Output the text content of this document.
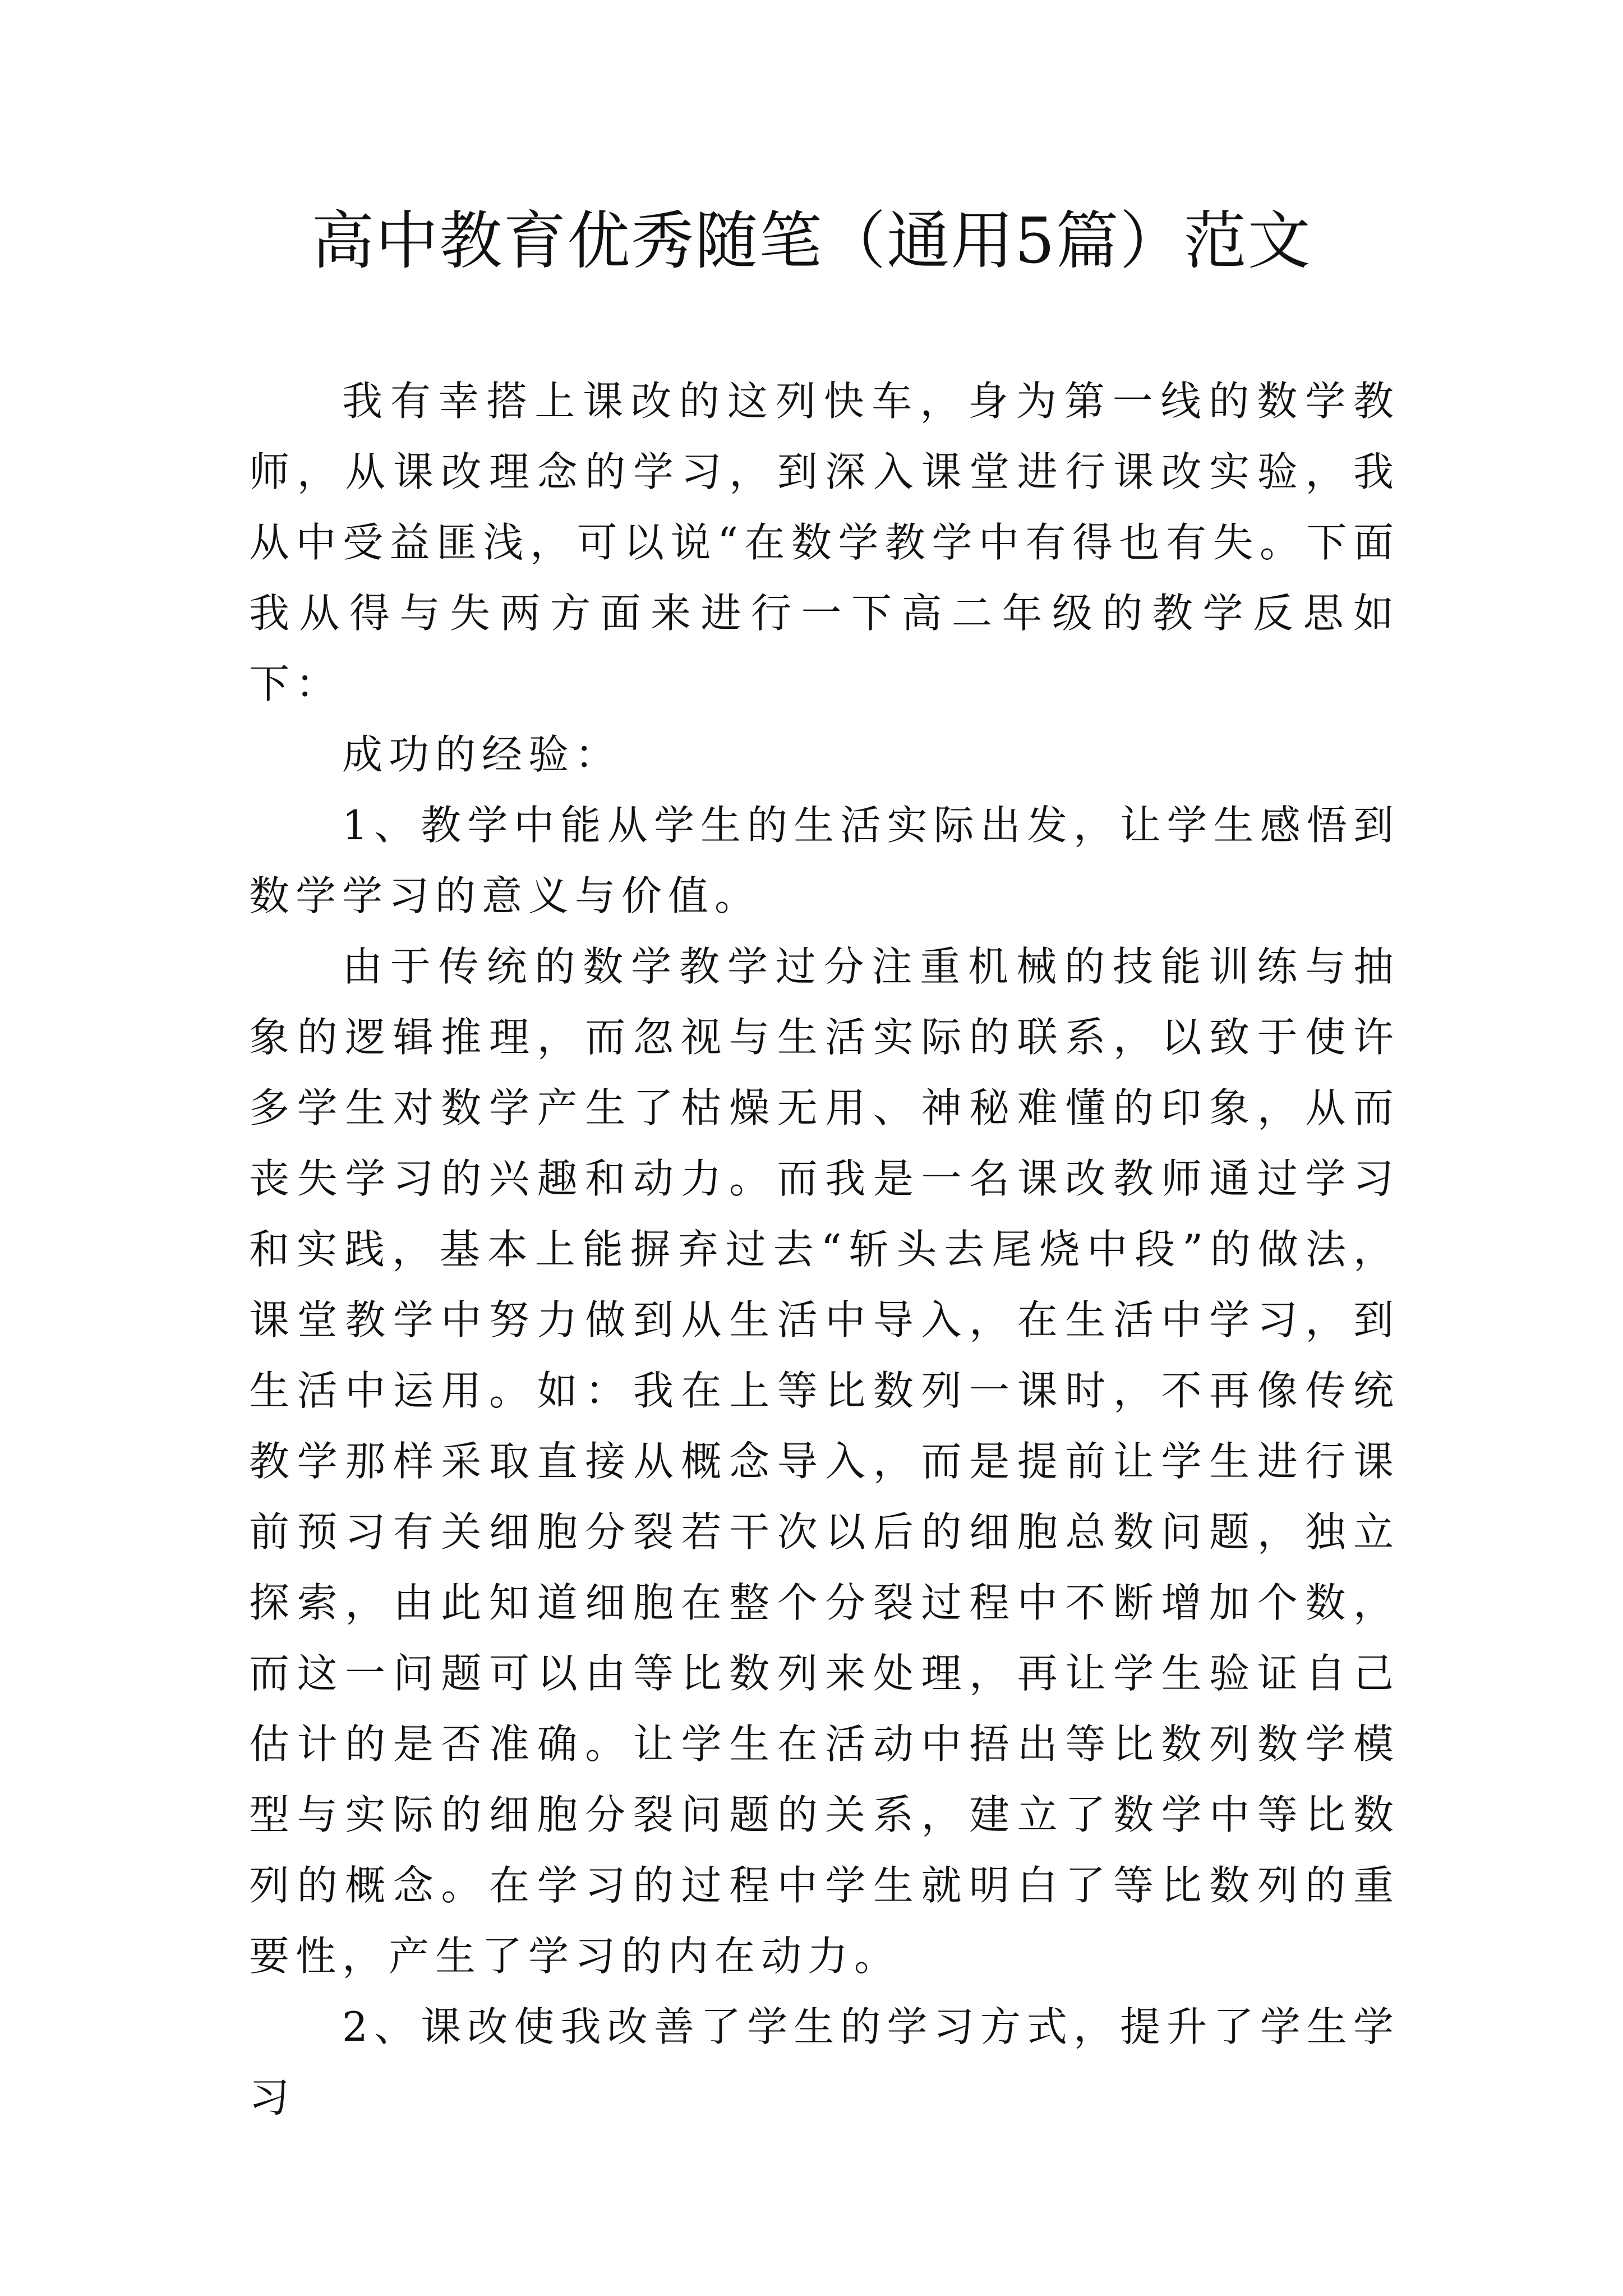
高中教育优秀随笔（通用5篇）范文

我有幸搭上课改的这列快车，身为第一线的数学教师，从课改理念的学习，到深入课堂进行课改实验，我从中受益匪浅，可以说“在数学教学中有得也有失。下面我从得与失两方面来进行一下高二年级的教学反思如下：

成功的经验：

1、教学中能从学生的生活实际出发，让学生感悟到数学学习的意义与价值。

由于传统的数学教学过分注重机械的技能训练与抽象的逻辑推理，而忽视与生活实际的联系，以致于使许多学生对数学产生了枯燥无用、神秘难懂的印象，从而丧失学习的兴趣和动力。而我是一名课改教师通过学习和实践，基本上能摒弃过去“斩头去尾烧中段”的做法，课堂教学中努力做到从生活中导入，在生活中学习，到生活中运用。如：我在上等比数列一课时，不再像传统教学那样采取直接从概念导入，而是提前让学生进行课前预习有关细胞分裂若干次以后的细胞总数问题，独立探索，由此知道细胞在整个分裂过程中不断增加个数，而这一问题可以由等比数列来处理，再让学生验证自己估计的是否准确。让学生在活动中捂出等比数列数学模型与实际的细胞分裂问题的关系，建立了数学中等比数列的概念。在学习的过程中学生就明白了等比数列的重要性，产生了学习的内在动力。

2、课改使我改善了学生的学习方式，提升了学生学习
